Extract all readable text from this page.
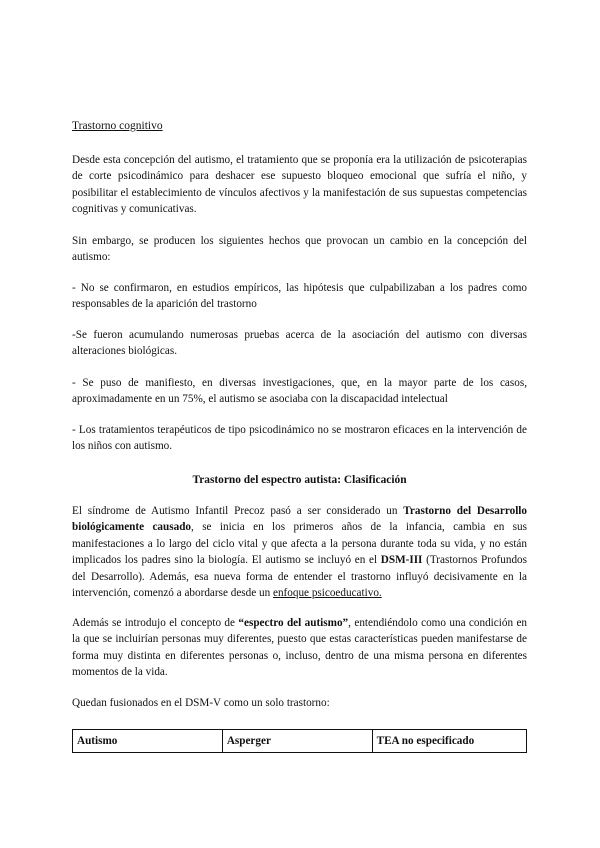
Trastorno cognitivo

Desde esta concepción del autismo, el tratamiento que se proponía era la utilización de psicoterapias de corte psicodinámico para deshacer ese supuesto bloqueo emocional que sufría el niño, y posibilitar el establecimiento de vínculos afectivos y la manifestación de sus supuestas competencias cognitivas y comunicativas.

Sin embargo, se producen los siguientes hechos que provocan un cambio en la concepción del autismo:

- No se confirmaron, en estudios empíricos, las hipótesis que culpabilizaban a los padres como responsables de la aparición del trastorno

-Se fueron acumulando numerosas pruebas acerca de la asociación del autismo con diversas alteraciones biológicas.

- Se puso de manifiesto, en diversas investigaciones, que, en la mayor parte de los casos, aproximadamente en un 75%, el autismo se asociaba con la discapacidad intelectual

- Los tratamientos terapéuticos de tipo psicodinámico no se mostraron eficaces en la intervención de los niños con autismo.

Trastorno del espectro autista: Clasificación

El síndrome de Autismo Infantil Precoz pasó a ser considerado un Trastorno del Desarrollo biológicamente causado, se inicia en los primeros años de la infancia, cambia en sus manifestaciones a lo largo del ciclo vital y que afecta a la persona durante toda su vida, y no están implicados los padres sino la biología. El autismo se incluyó en el DSM-III (Trastornos Profundos del Desarrollo). Además, esa nueva forma de entender el trastorno influyó decisivamente en la intervención, comenzó a abordarse desde un enfoque psicoeducativo.

Además se introdujo el concepto de “espectro del autismo”, entendiéndolo como una condición en la que se incluirían personas muy diferentes, puesto que estas características pueden manifestarse de forma muy distinta en diferentes personas o, incluso, dentro de una misma persona en diferentes momentos de la vida.

Quedan fusionados en el DSM-V como un solo trastorno:

Autismo	Asperger	TEA no especificado
